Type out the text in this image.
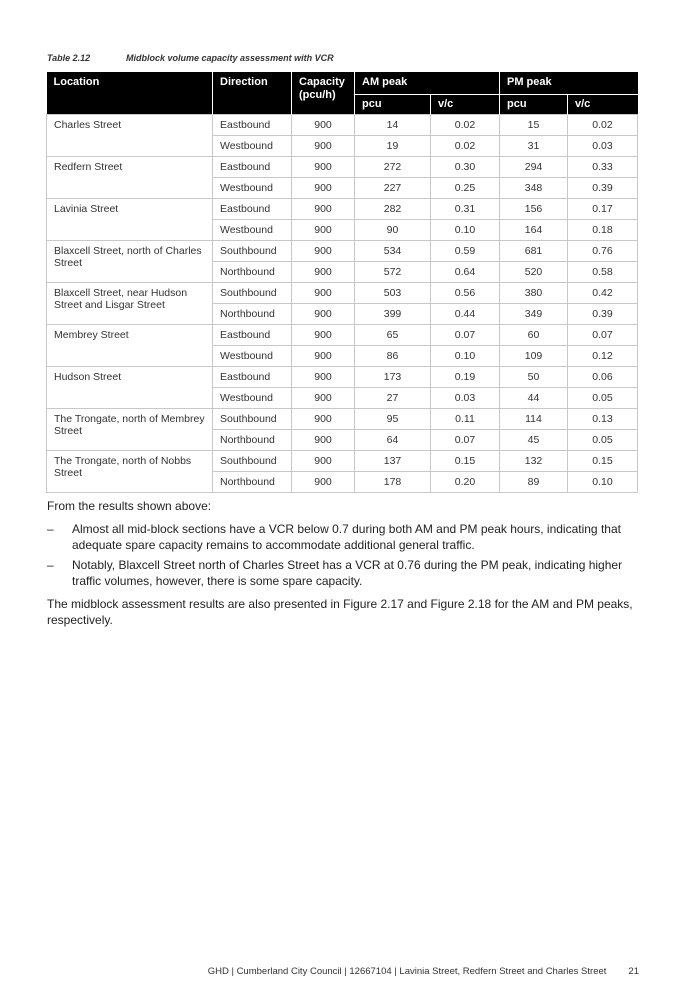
Table 2.12	Midblock volume capacity assessment with VCR
Location	Direction	Capacity (pcu/h)	AM peak		PM peak	
			pcu	v/c	pcu	v/c
Charles Street	Eastbound	900	14	0.02	15	0.02
	Westbound	900	19	0.02	31	0.03
Redfern Street	Eastbound	900	272	0.30	294	0.33
	Westbound	900	227	0.25	348	0.39
Lavinia Street	Eastbound	900	282	0.31	156	0.17
	Westbound	900	90	0.10	164	0.18
Blaxcell Street, north of Charles Street	Southbound	900	534	0.59	681	0.76
	Northbound	900	572	0.64	520	0.58
Blaxcell Street, near Hudson Street and Lisgar Street	Southbound	900	503	0.56	380	0.42
	Northbound	900	399	0.44	349	0.39
Membrey Street	Eastbound	900	65	0.07	60	0.07
	Westbound	900	86	0.10	109	0.12
Hudson Street	Eastbound	900	173	0.19	50	0.06
	Westbound	900	27	0.03	44	0.05
The Trongate, north of Membrey Street	Southbound	900	95	0.11	114	0.13
	Northbound	900	64	0.07	45	0.05
The Trongate, north of Nobbs Street	Southbound	900	137	0.15	132	0.15
	Northbound	900	178	0.20	89	0.10
From the results shown above:
– Almost all mid-block sections have a VCR below 0.7 during both AM and PM peak hours, indicating that adequate spare capacity remains to accommodate additional general traffic.
– Notably, Blaxcell Street north of Charles Street has a VCR at 0.76 during the PM peak, indicating higher traffic volumes, however, there is some spare capacity.
The midblock assessment results are also presented in Figure 2.17 and Figure 2.18 for the AM and PM peaks, respectively.
GHD | Cumberland City Council | 12667104 | Lavinia Street, Redfern Street and Charles Street 21
